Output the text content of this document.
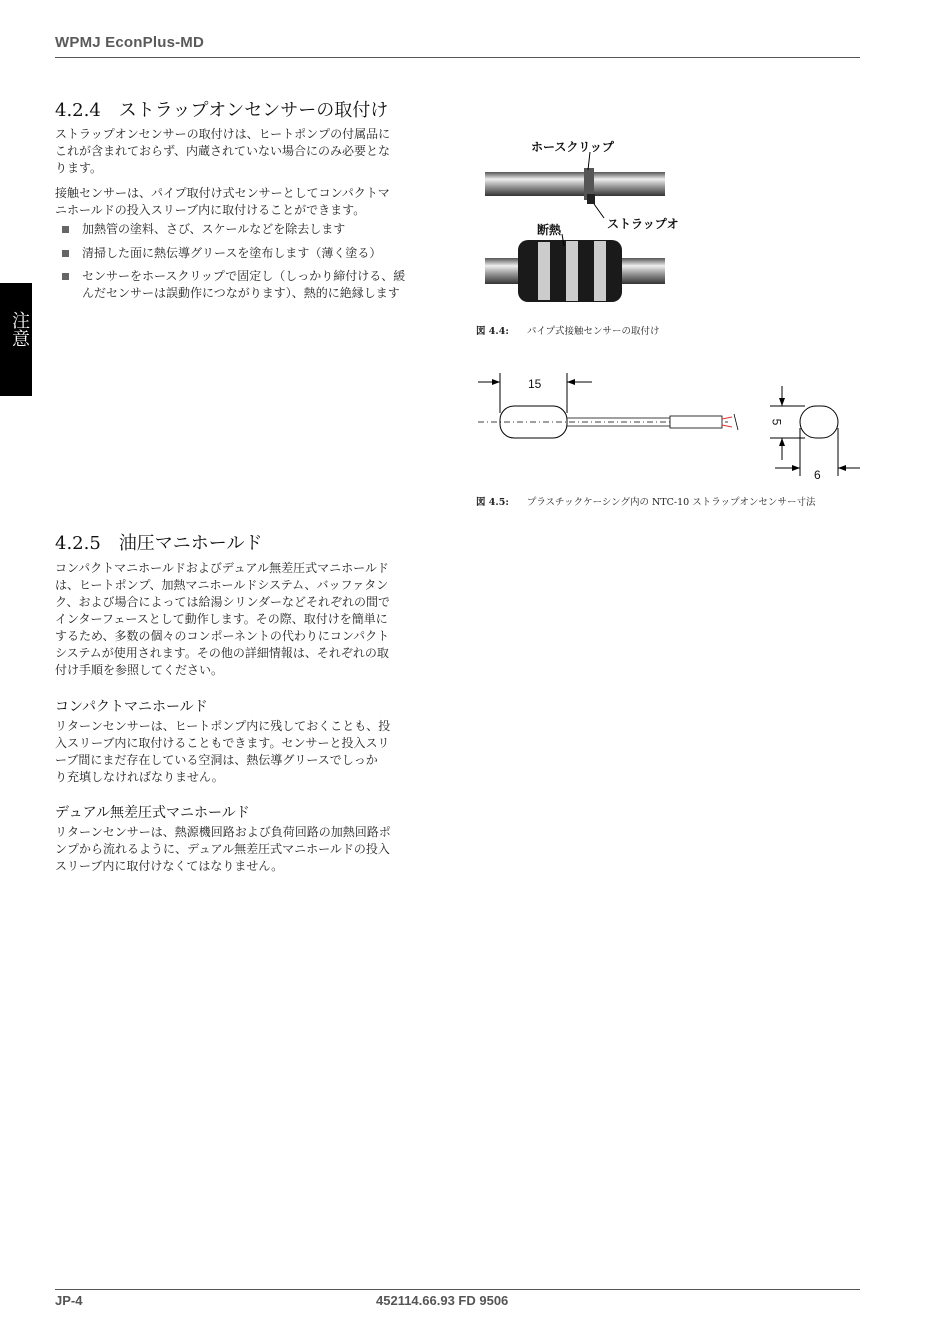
WPMJ EconPlus-MD
注意
4.2.4　ストラップオンセンサーの取付け
ストラップオンセンサーの取付けは、ヒートポンプの付属品に
これが含まれておらず、内蔵されていない場合にのみ必要とな
ります。
接触センサーは、パイプ取付け式センサーとしてコンパクトマ
ニホールドの投入スリーブ内に取付けることができます。
加熱管の塗料、さび、スケールなどを除去します
清掃した面に熱伝導グリースを塗布します（薄く塗る）
センサーをホースクリップで固定し（しっかり締付ける、緩
んだセンサーは誤動作につながります）、熱的に絶縁します
ホースクリップ
ストラップオ
断熱
図 4.4: パイプ式接触センサーの取付け
15
5
6
図 4.5: プラスチックケーシング内の NTC-10 ストラップオンセンサー寸法
4.2.5　油圧マニホールド
コンパクトマニホールドおよびデュアル無差圧式マニホールド
は、ヒートポンプ、加熱マニホールドシステム、バッファタン
ク、および場合によっては給湯シリンダーなどそれぞれの間で
インターフェースとして動作します。その際、取付けを簡単に
するため、多数の個々のコンポーネントの代わりにコンパクト
システムが使用されます。その他の詳細情報は、それぞれの取
付け手順を参照してください。
コンパクトマニホールド
リターンセンサーは、ヒートポンプ内に残しておくことも、投
入スリーブ内に取付けることもできます。センサーと投入スリ
ーブ間にまだ存在している空洞は、熱伝導グリースでしっか
り充填しなければなりません。
デュアル無差圧式マニホールド
リターンセンサーは、熱源機回路および負荷回路の加熱回路ポ
ンプから流れるように、デュアル無差圧式マニホールドの投入
スリーブ内に取付けなくてはなりません。
JP-4	452114.66.93 FD 9506
